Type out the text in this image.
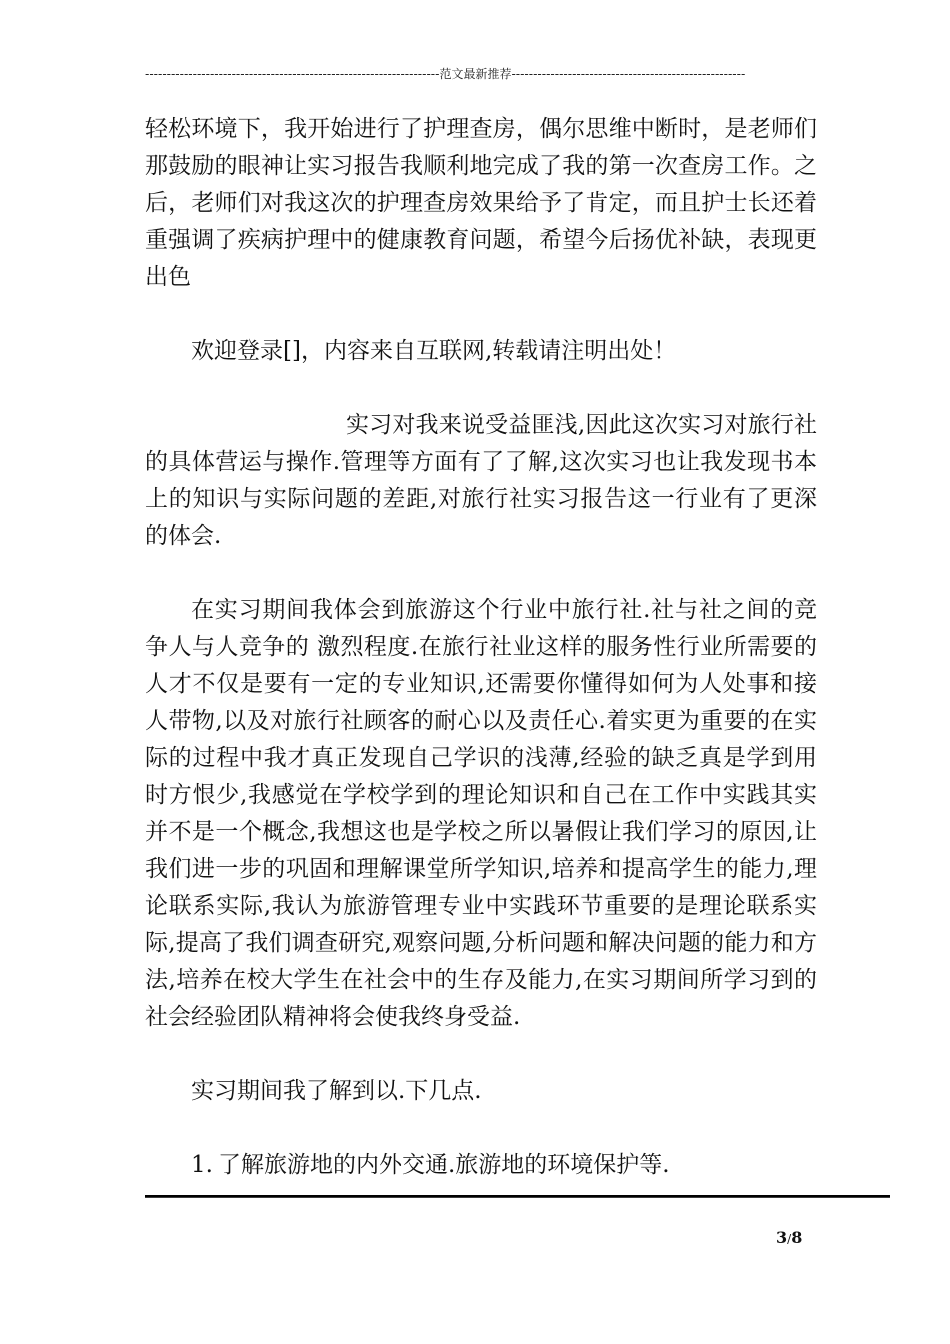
--------------------------------------------------------------------范文最新推荐------------------------------------------------------

轻松环境下，我开始进行了护理查房，偶尔思维中断时，是老师们那鼓励的眼神让实习报告我顺利地完成了我的第一次查房工作。之后，老师们对我这次的护理查房效果给予了肯定，而且护士长还着重强调了疾病护理中的健康教育问题，希望今后扬优补缺，表现更出色

欢迎登录[]，内容来自互联网,转载请注明出处！

实习对我来说受益匪浅,因此这次实习对旅行社的具体营运与操作.管理等方面有了了解,这次实习也让我发现书本上的知识与实际问题的差距,对旅行社实习报告这一行业有了更深的体会.

在实习期间我体会到旅游这个行业中旅行社.社与社之间的竞争人与人竞争的 激烈程度.在旅行社业这样的服务性行业所需要的人才不仅是要有一定的专业知识,还需要你懂得如何为人处事和接人带物,以及对旅行社顾客的耐心以及责任心.着实更为重要的在实际的过程中我才真正发现自己学识的浅薄,经验的缺乏真是学到用时方恨少,我感觉在学校学到的理论知识和自己在工作中实践其实并不是一个概念,我想这也是学校之所以暑假让我们学习的原因,让我们进一步的巩固和理解课堂所学知识,培养和提高学生的能力,理论联系实际,我认为旅游管理专业中实践环节重要的是理论联系实际,提高了我们调查研究,观察问题,分析问题和解决问题的能力和方法,培养在校大学生在社会中的生存及能力,在实习期间所学习到的社会经验团队精神将会使我终身受益.

实习期间我了解到以.下几点.

1. 了解旅游地的内外交通.旅游地的环境保护等.

3/8
